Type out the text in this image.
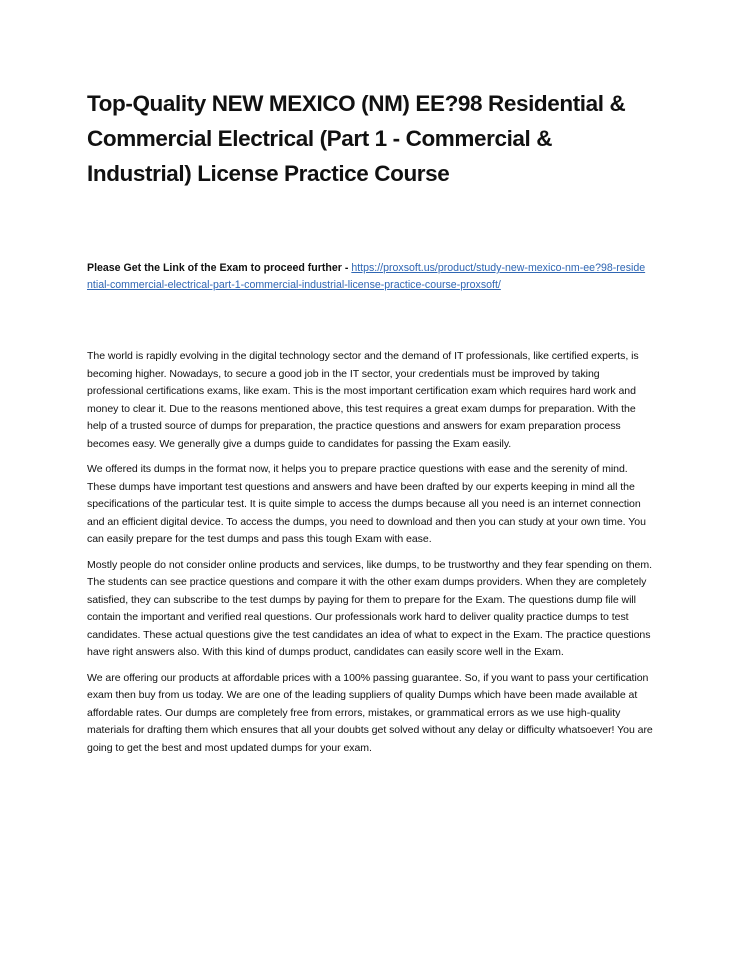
Top-Quality NEW MEXICO (NM) EE?98 Residential & Commercial Electrical (Part 1 - Commercial & Industrial) License Practice Course

Please Get the Link of the Exam to proceed further - https://proxsoft.us/product/study-new-mexico-nm-ee?98-residential-commercial-electrical-part-1-commercial-industrial-license-practice-course-proxsoft/

The world is rapidly evolving in the digital technology sector and the demand of IT professionals, like certified experts, is becoming higher. Nowadays, to secure a good job in the IT sector, your credentials must be improved by taking professional certifications exams, like exam. This is the most important certification exam which requires hard work and money to clear it. Due to the reasons mentioned above, this test requires a great exam dumps for preparation. With the help of a trusted source of dumps for preparation, the practice questions and answers for exam preparation process becomes easy. We generally give a dumps guide to candidates for passing the Exam easily.

We offered its dumps in the format now, it helps you to prepare practice questions with ease and the serenity of mind. These dumps have important test questions and answers and have been drafted by our experts keeping in mind all the specifications of the particular test. It is quite simple to access the dumps because all you need is an internet connection and an efficient digital device. To access the dumps, you need to download and then you can study at your own time. You can easily prepare for the test dumps and pass this tough Exam with ease.

Mostly people do not consider online products and services, like dumps, to be trustworthy and they fear spending on them. The students can see practice questions and compare it with the other exam dumps providers. When they are completely satisfied, they can subscribe to the test dumps by paying for them to prepare for the Exam. The questions dump file will contain the important and verified real questions. Our professionals work hard to deliver quality practice dumps to test candidates. These actual questions give the test candidates an idea of what to expect in the Exam. The practice questions have right answers also. With this kind of dumps product, candidates can easily score well in the Exam.

We are offering our products at affordable prices with a 100% passing guarantee. So, if you want to pass your certification exam then buy from us today. We are one of the leading suppliers of quality Dumps which have been made available at affordable rates. Our dumps are completely free from errors, mistakes, or grammatical errors as we use high-quality materials for drafting them which ensures that all your doubts get solved without any delay or difficulty whatsoever! You are going to get the best and most updated dumps for your exam.
